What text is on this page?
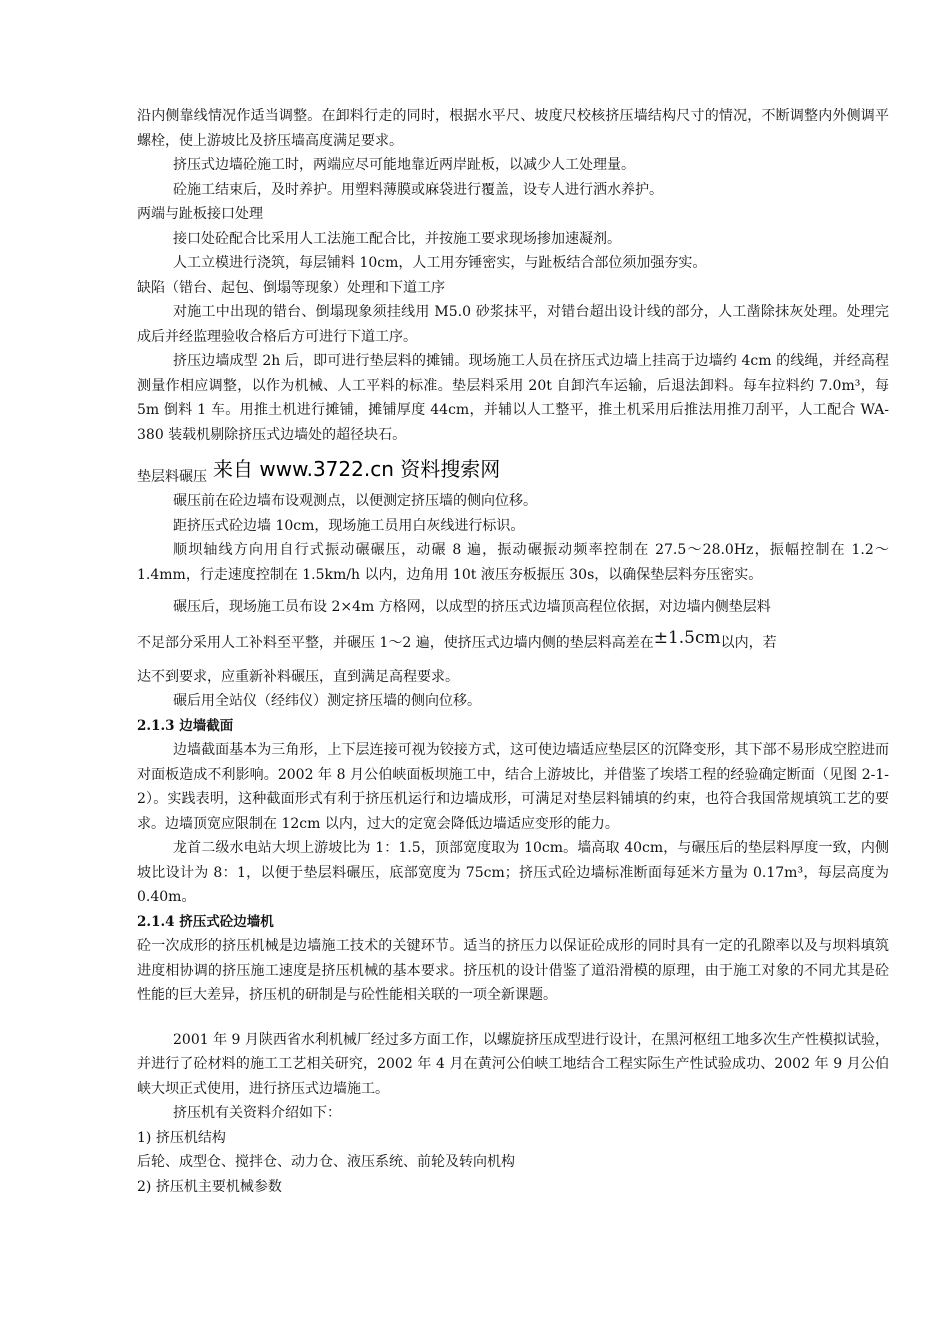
沿内侧靠线情况作适当调整。在卸料行走的同时，根据水平尺、坡度尺校核挤压墙结构尺寸的情况，不断调整内外侧调平螺栓，使上游坡比及挤压墙高度满足要求。
挤压式边墙砼施工时，两端应尽可能地靠近两岸趾板，以减少人工处理量。
砼施工结束后，及时养护。用塑料薄膜或麻袋进行覆盖，设专人进行洒水养护。
两端与趾板接口处理
接口处砼配合比采用人工法施工配合比，并按施工要求现场掺加速凝剂。
人工立模进行浇筑，每层铺料 10cm，人工用夯锤密实，与趾板结合部位须加强夯实。
缺陷（错台、起包、倒塌等现象）处理和下道工序
对施工中出现的错台、倒塌现象须挂线用 M5.0 砂浆抹平，对错台超出设计线的部分，人工凿除抹灰处理。处理完成后并经监理验收合格后方可进行下道工序。
挤压边墙成型 2h 后，即可进行垫层料的摊铺。现场施工人员在挤压式边墙上挂高于边墙约 4cm 的线绳，并经高程测量作相应调整，以作为机械、人工平料的标准。垫层料采用 20t 自卸汽车运输，后退法卸料。每车拉料约 7.0m³，每 5m 倒料 1 车。用推土机进行摊铺，摊铺厚度 44cm，并辅以人工整平，推土机采用后推法用推刀刮平，人工配合 WA-380 装载机剔除挤压式边墙处的超径块石。
垫层料碾压 来自 www.3722.cn 资料搜索网
碾压前在砼边墙布设观测点，以便测定挤压墙的侧向位移。
距挤压式砼边墙 10cm，现场施工员用白灰线进行标识。
顺坝轴线方向用自行式振动碾碾压，动碾 8 遍，振动碾振动频率控制在 27.5～28.0Hz，振幅控制在 1.2～1.4mm，行走速度控制在 1.5km/h 以内，边角用 10t 液压夯板振压 30s，以确保垫层料夯压密实。
碾压后，现场施工员布设 2×4m 方格网，以成型的挤压式边墙顶高程位依据，对边墙内侧垫层料
不足部分采用人工补料至平整，并碾压 1～2 遍，使挤压式边墙内侧的垫层料高差在±1.5cm以内，若
达不到要求，应重新补料碾压，直到满足高程要求。
碾后用全站仪（经纬仪）测定挤压墙的侧向位移。
2.1.3 边墙截面
边墙截面基本为三角形，上下层连接可视为铰接方式，这可使边墙适应垫层区的沉降变形，其下部不易形成空腔进而对面板造成不利影响。2002 年 8 月公伯峡面板坝施工中，结合上游坡比，并借鉴了埃塔工程的经验确定断面（见图 2-1-2）。实践表明，这种截面形式有利于挤压机运行和边墙成形，可满足对垫层料铺填的约束，也符合我国常规填筑工艺的要求。边墙顶宽应限制在 12cm 以内，过大的定宽会降低边墙适应变形的能力。
龙首二级水电站大坝上游坡比为 1：1.5，顶部宽度取为 10cm。墙高取 40cm，与碾压后的垫层料厚度一致，内侧坡比设计为 8：1，以便于垫层料碾压，底部宽度为 75cm；挤压式砼边墙标准断面每延米方量为 0.17m³，每层高度为 0.40m。
2.1.4 挤压式砼边墙机
砼一次成形的挤压机械是边墙施工技术的关键环节。适当的挤压力以保证砼成形的同时具有一定的孔隙率以及与坝料填筑进度相协调的挤压施工速度是挤压机械的基本要求。挤压机的设计借鉴了道沿滑模的原理，由于施工对象的不同尤其是砼性能的巨大差异，挤压机的研制是与砼性能相关联的一项全新课题。
2001 年 9 月陕西省水利机械厂经过多方面工作，以螺旋挤压成型进行设计，在黑河枢纽工地多次生产性模拟试验，并进行了砼材料的施工工艺相关研究，2002 年 4 月在黄河公伯峡工地结合工程实际生产性试验成功、2002 年 9 月公伯峡大坝正式使用，进行挤压式边墙施工。
挤压机有关资料介绍如下：
1) 挤压机结构
后轮、成型仓、搅拌仓、动力仓、液压系统、前轮及转向机构
2) 挤压机主要机械参数
